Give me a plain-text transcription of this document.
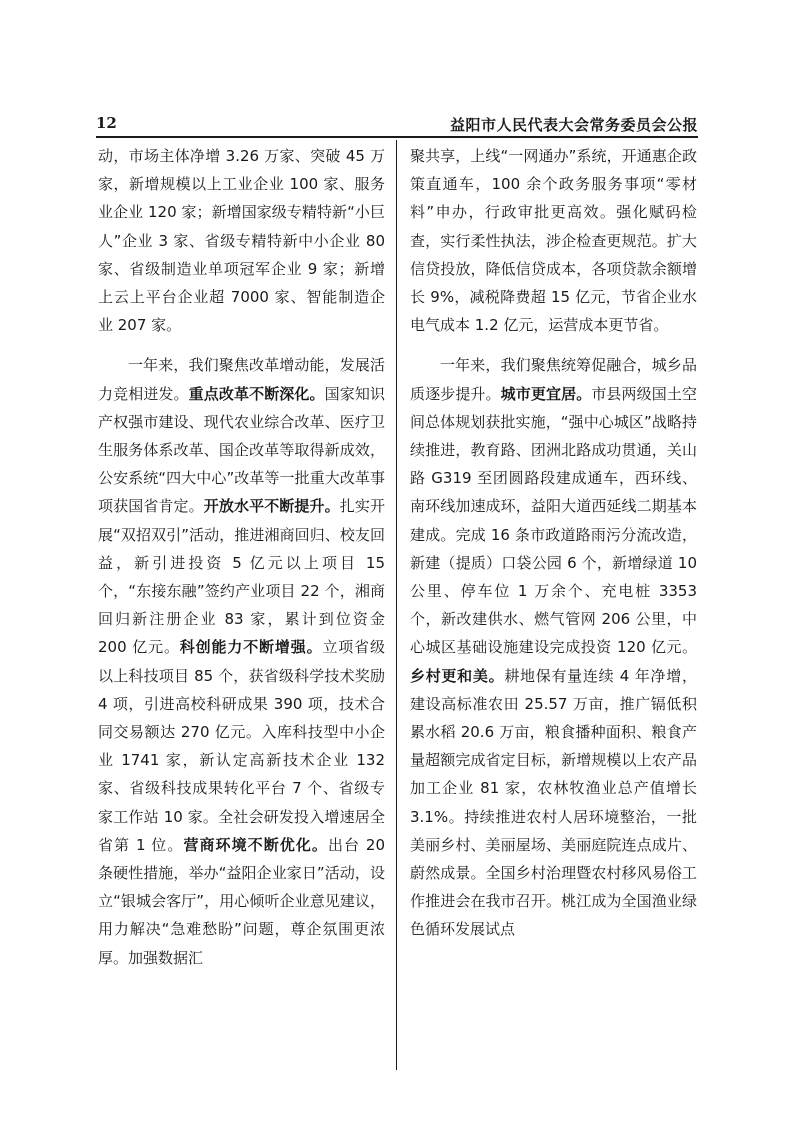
12	益阳市人民代表大会常务委员会公报

动，市场主体净增 3.26 万家、突破 45 万家，新增规模以上工业企业 100 家、服务业企业 120 家；新增国家级专精特新“小巨人”企业 3 家、省级专精特新中小企业 80 家、省级制造业单项冠军企业 9 家；新增上云上平台企业超 7000 家、智能制造企业 207 家。

一年来，我们聚焦改革增动能，发展活力竞相迸发。重点改革不断深化。国家知识产权强市建设、现代农业综合改革、医疗卫生服务体系改革、国企改革等取得新成效，公安系统“四大中心”改革等一批重大改革事项获国省肯定。开放水平不断提升。扎实开展“双招双引”活动，推进湘商回归、校友回益，新引进投资 5 亿元以上项目 15 个，“东接东融”签约产业项目 22 个，湘商回归新注册企业 83 家，累计到位资金 200 亿元。科创能力不断增强。立项省级以上科技项目 85 个，获省级科学技术奖励 4 项，引进高校科研成果 390 项，技术合同交易额达 270 亿元。入库科技型中小企业 1741 家，新认定高新技术企业 132 家、省级科技成果转化平台 7 个、省级专家工作站 10 家。全社会研发投入增速居全省第 1 位。营商环境不断优化。出台 20 条硬性措施，举办“益阳企业家日”活动，设立“银城会客厅”，用心倾听企业意见建议，用力解决“急难愁盼”问题，尊企氛围更浓厚。加强数据汇

聚共享，上线“一网通办”系统，开通惠企政策直通车，100 余个政务服务事项“零材料”申办，行政审批更高效。强化赋码检查，实行柔性执法，涉企检查更规范。扩大信贷投放，降低信贷成本，各项贷款余额增长 9%，减税降费超 15 亿元，节省企业水电气成本 1.2 亿元，运营成本更节省。

一年来，我们聚焦统筹促融合，城乡品质逐步提升。城市更宜居。市县两级国土空间总体规划获批实施，“强中心城区”战略持续推进，教育路、团洲北路成功贯通，关山路 G319 至团圆路段建成通车，西环线、南环线加速成环，益阳大道西延线二期基本建成。完成 16 条市政道路雨污分流改造，新建（提质）口袋公园 6 个，新增绿道 10 公里、停车位 1 万余个、充电桩 3353 个，新改建供水、燃气管网 206 公里，中心城区基础设施建设完成投资 120 亿元。乡村更和美。耕地保有量连续 4 年净增，建设高标准农田 25.57 万亩，推广镉低积累水稻 20.6 万亩，粮食播种面积、粮食产量超额完成省定目标，新增规模以上农产品加工企业 81 家，农林牧渔业总产值增长 3.1%。持续推进农村人居环境整治，一批美丽乡村、美丽屋场、美丽庭院连点成片、蔚然成景。全国乡村治理暨农村移风易俗工作推进会在我市召开。桃江成为全国渔业绿色循环发展试点
